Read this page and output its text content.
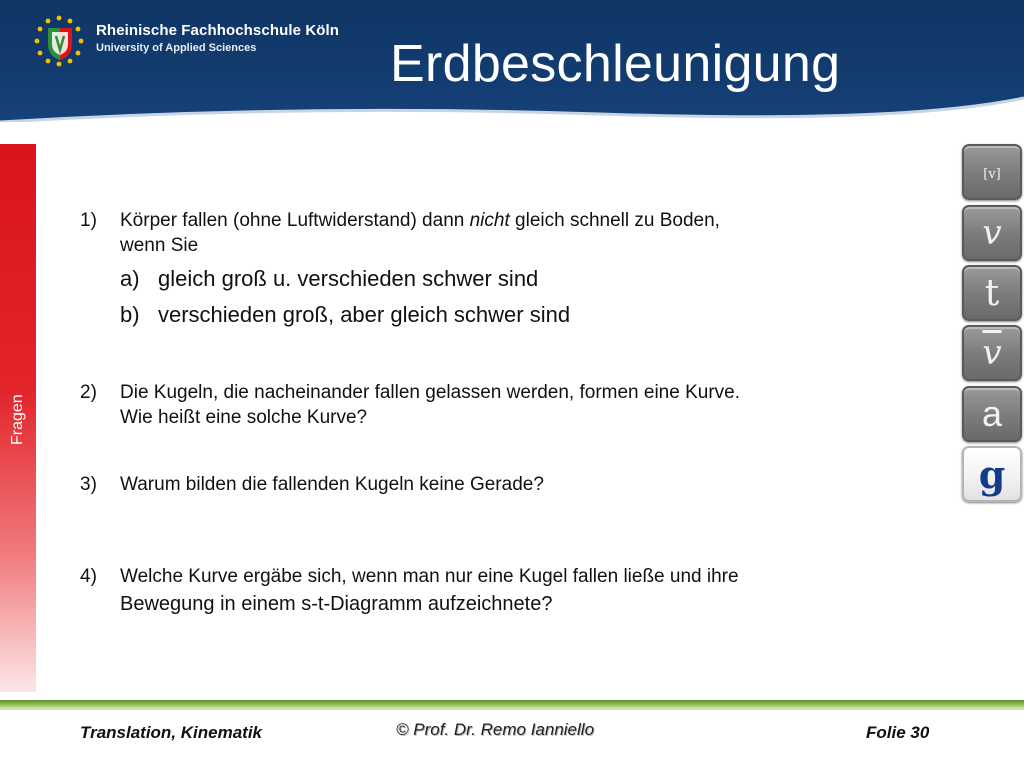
Rheinische Fachhochschule Köln
University of Applied Sciences	Erdbeschleunigung
Fragen
1)	Körper fallen (ohne Luftwiderstand) dann nicht gleich schnell zu Boden,
wenn Sie
a) gleich groß u. verschieden schwer sind
b) verschieden groß, aber gleich schwer sind
2)	Die Kugeln, die nacheinander fallen gelassen werden, formen eine Kurve.
Wie heißt eine solche Kurve?
3)	Warum bilden die fallenden Kugeln keine Gerade?
4)	Welche Kurve ergäbe sich, wenn man nur eine Kugel fallen ließe und ihre
Bewegung in einem s-t-Diagramm aufzeichnete?
[v]
v
t
$\overline{v}$
a
g
Translation, Kinematik	© Prof. Dr. Remo Ianniello	Folie 30
